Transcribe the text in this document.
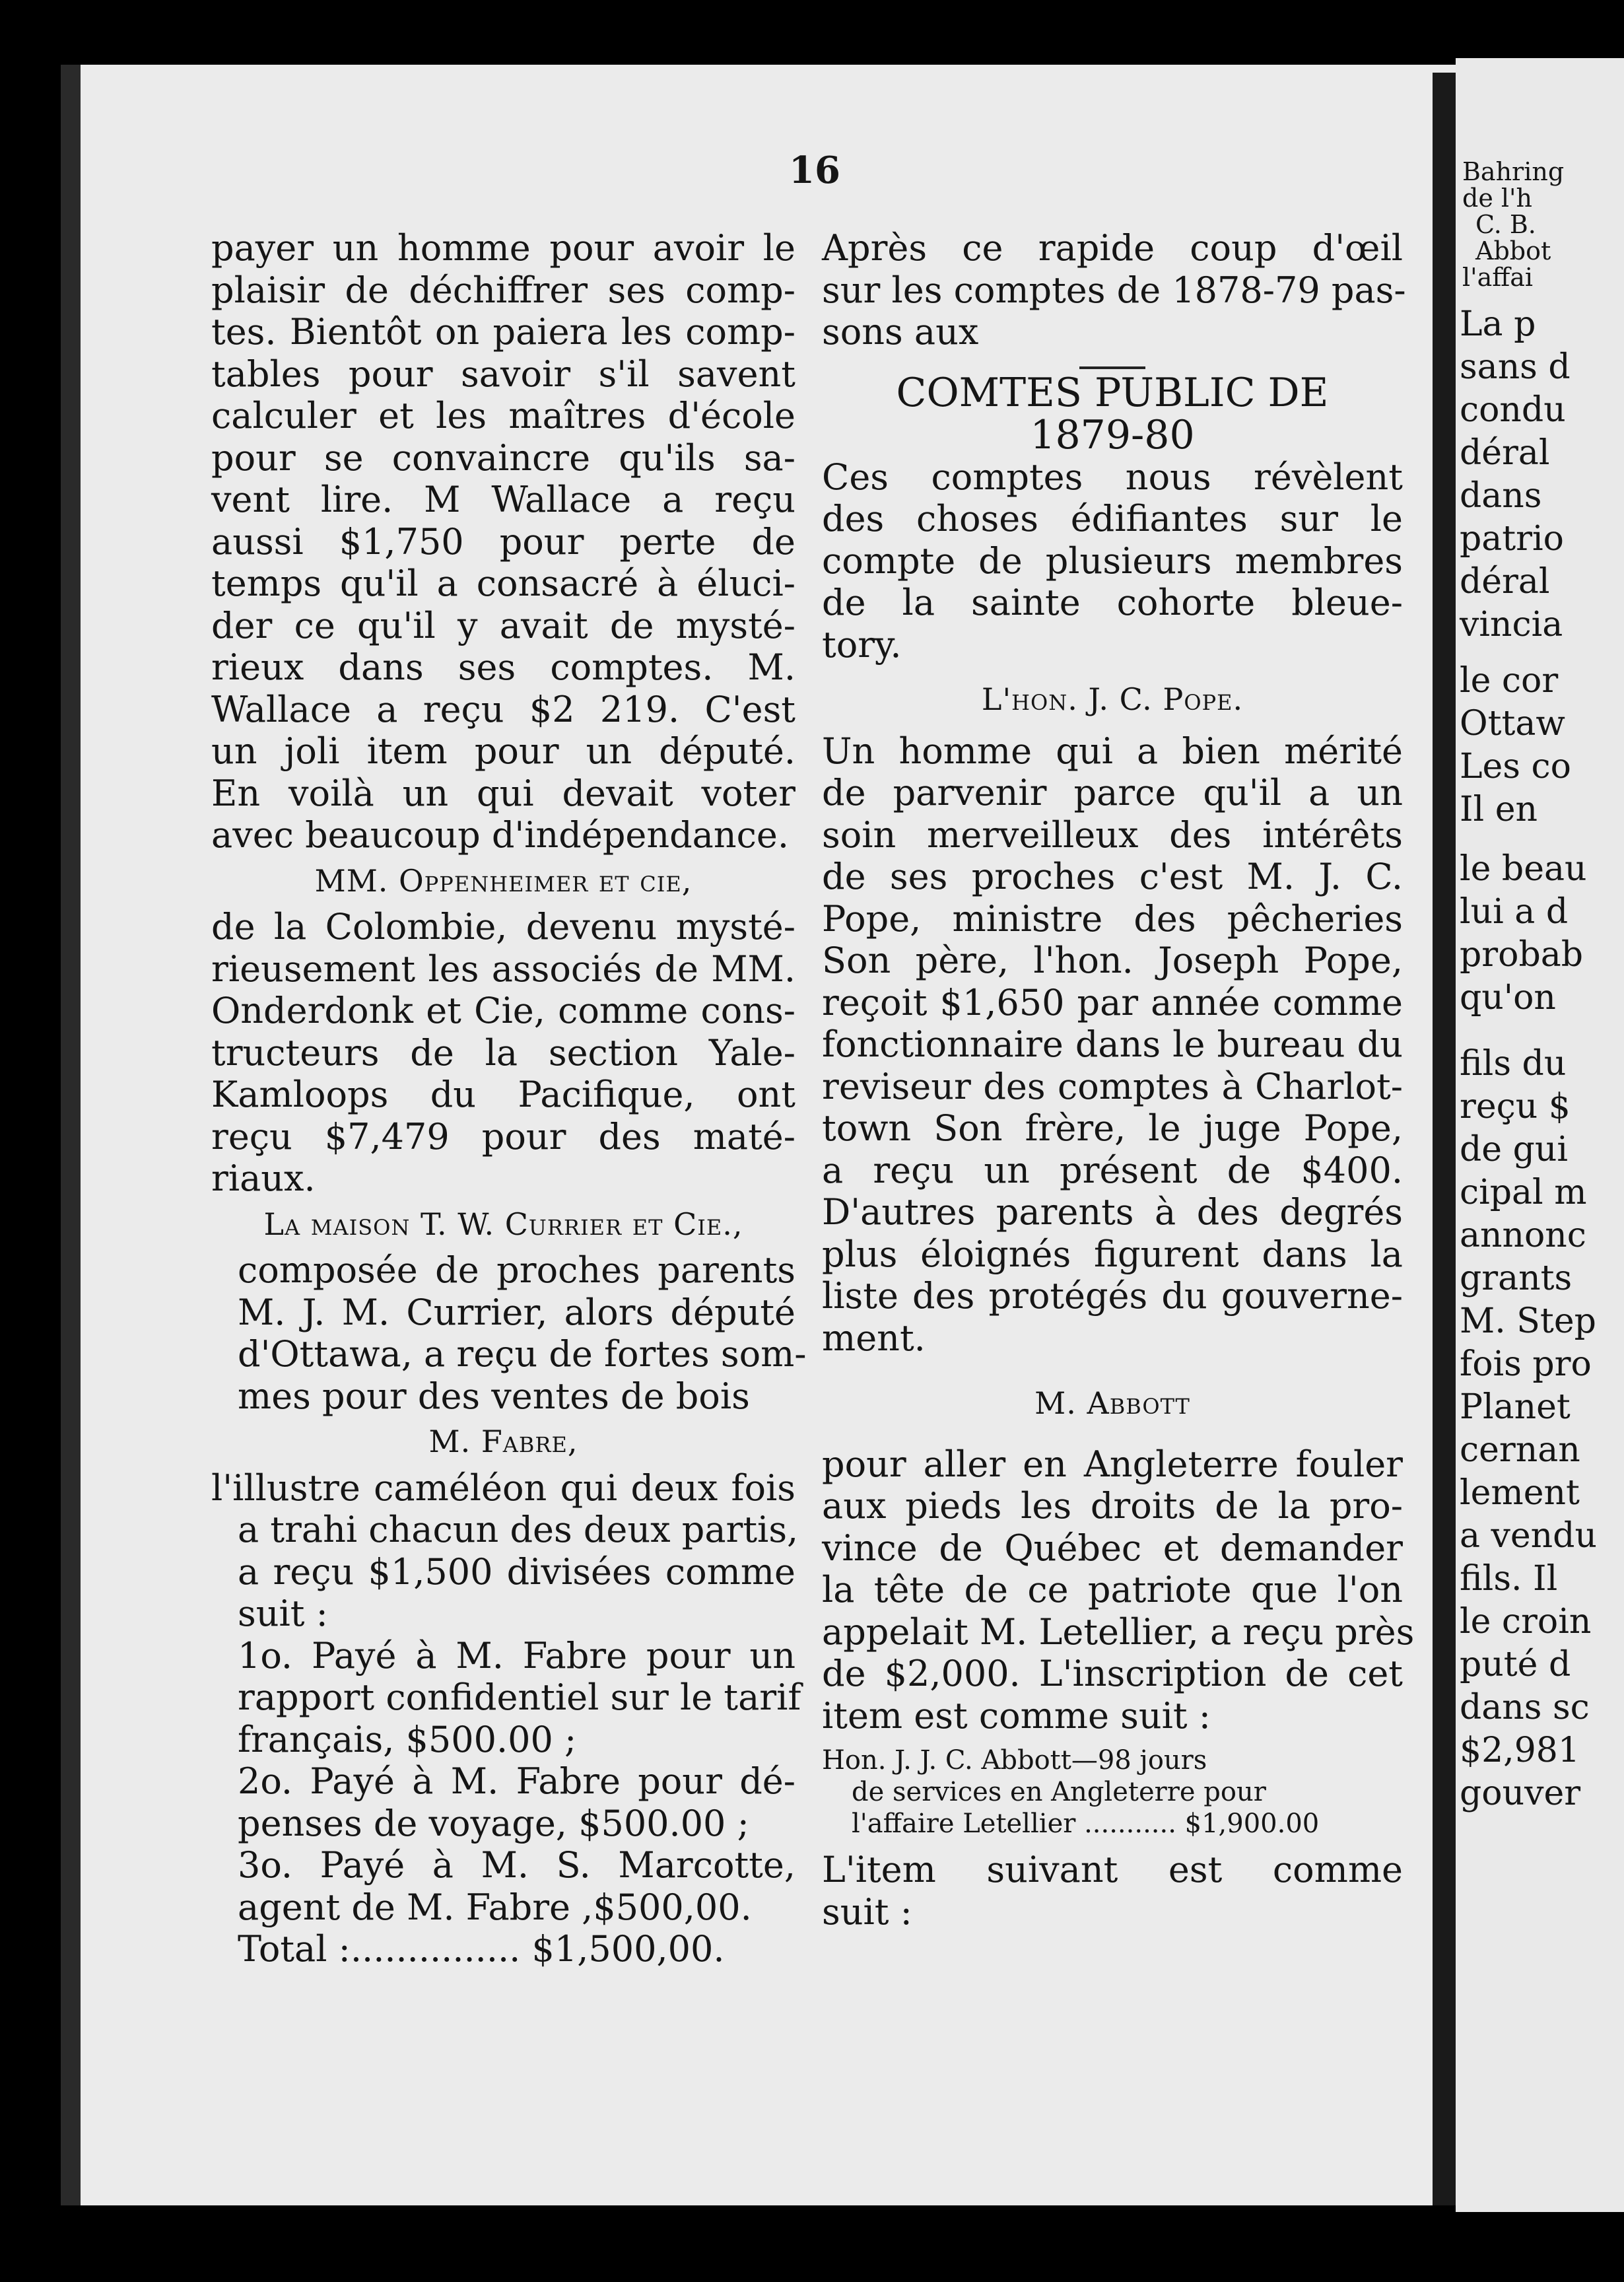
Bahring
de l'h
C. B.
Abbot
l'affai
La p
sans d
condu
déral
dans
patrio
déral
vincia
le cor
Ottaw
Les co
Il en
le beau
lui a d
probab
qu'on
fils du
reçu $
de gui
cipal m
annonc
grants
M. Step
fois pro
Planet
cernan
lement
a vendu
fils. Il
le croin
puté d
dans sc
$2,981
gouver
16
payer un homme pour avoir le
plaisir de déchiffrer ses comp-
tes. Bientôt on paiera les comp-
tables pour savoir s'il savent
calculer et les maîtres d'école
pour se convaincre qu'ils sa-
vent lire. M Wallace a reçu
aussi $1,750 pour perte de
temps qu'il a consacré à éluci-
der ce qu'il y avait de mysté-
rieux dans ses comptes. M.
Wallace a reçu $2 219. C'est
un joli item pour un député.
En voilà un qui devait voter
avec beaucoup d'indépendance.
MM. Oppenheimer et cie,
de la Colombie, devenu mysté-
rieusement les associés de MM.
Onderdonk et Cie, comme cons-
tructeurs de la section Yale-
Kamloops du Pacifique, ont
reçu $7,479 pour des maté-
riaux.
La maison T. W. Currier et Cie.,
composée de proches parents
M. J. M. Currier, alors député
d'Ottawa, a reçu de fortes som-
mes pour des ventes de bois
M. Fabre,
l'illustre caméléon qui deux fois
a trahi chacun des deux partis,
a reçu $1,500 divisées comme
suit :
1o. Payé à M. Fabre pour un
rapport confidentiel sur le tarif
français, $500.00 ;
2o. Payé à M. Fabre pour dé-
penses de voyage, $500.00 ;
3o. Payé à M. S. Marcotte,
agent de M. Fabre ,$500,00.
Total :............... $1,500,00.
Après ce rapide coup d'œil
sur les comptes de 1878-79 pas-
sons aux
COMTES PUBLIC DE
1879-80
Ces comptes nous révèlent
des choses édifiantes sur le
compte de plusieurs membres
de la sainte cohorte bleue-
tory.
L'hon. J. C. Pope.
Un homme qui a bien mérité
de parvenir parce qu'il a un
soin merveilleux des intérêts
de ses proches c'est M. J. C.
Pope, ministre des pêcheries
Son père, l'hon. Joseph Pope,
reçoit $1,650 par année comme
fonctionnaire dans le bureau du
reviseur des comptes à Charlot-
town Son frère, le juge Pope,
a reçu un présent de $400.
D'autres parents à des degrés
plus éloignés figurent dans la
liste des protégés du gouverne-
ment.
M. Abbott
pour aller en Angleterre fouler
aux pieds les droits de la pro-
vince de Québec et demander
la tête de ce patriote que l'on
appelait M. Letellier, a reçu près
de $2,000. L'inscription de cet
item est comme suit :
Hon. J. J. C. Abbott—98 jours
de services en Angleterre pour
l'affaire Letellier ........... $1,900.00
L'item suivant est comme
suit :
